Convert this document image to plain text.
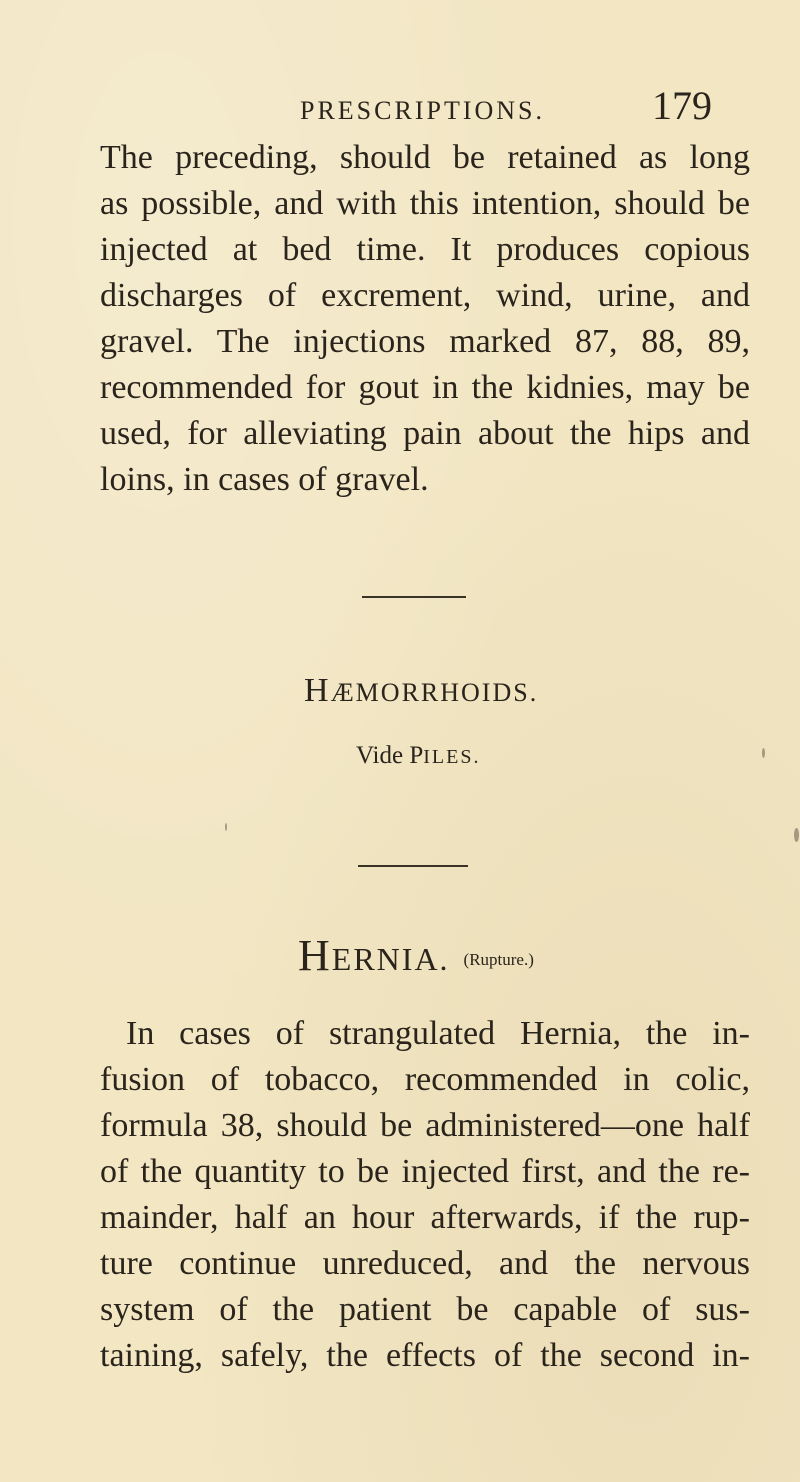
PRESCRIPTIONS.	179

The preceding, should be retained as long
as possible, and with this intention, should be
injected at bed time. It produces copious
discharges of excrement, wind, urine, and
gravel. The injections marked 87, 88, 89,
recommended for gout in the kidnies, may be
used, for alleviating pain about the hips and
loins, in cases of gravel.

HÆMORRHOIDS.
Vide PILES.
HERNIA. (Rupture.)

In cases of strangulated Hernia, the in-
fusion of tobacco, recommended in colic,
formula 38, should be administered—one half
of the quantity to be injected first, and the re-
mainder, half an hour afterwards, if the rup-
ture continue unreduced, and the nervous
system of the patient be capable of sus-
taining, safely, the effects of the second in-
